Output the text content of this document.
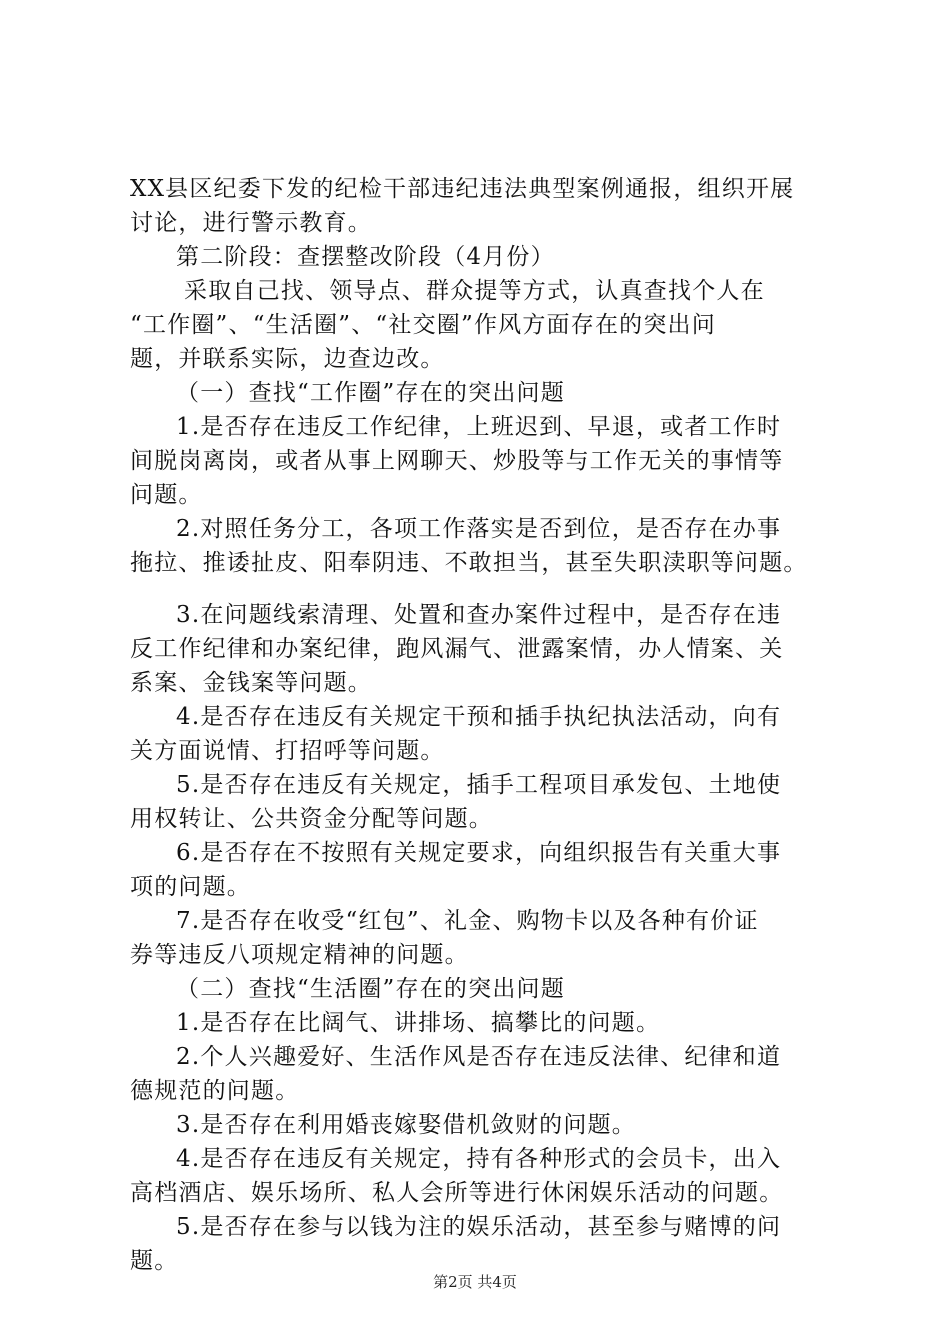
XX县区纪委下发的纪检干部违纪违法典型案例通报，组织开展
讨论，进行警示教育。
第二阶段：查摆整改阶段（4月份）
采取自己找、领导点、群众提等方式，认真查找个人在
“工作圈”、“生活圈”、“社交圈”作风方面存在的突出问
题，并联系实际，边查边改。
（一）查找“工作圈”存在的突出问题
1.是否存在违反工作纪律，上班迟到、早退，或者工作时
间脱岗离岗，或者从事上网聊天、炒股等与工作无关的事情等
问题。
2.对照任务分工，各项工作落实是否到位，是否存在办事
拖拉、推诿扯皮、阳奉阴违、不敢担当，甚至失职渎职等问题。
3.在问题线索清理、处置和查办案件过程中，是否存在违
反工作纪律和办案纪律，跑风漏气、泄露案情，办人情案、关
系案、金钱案等问题。
4.是否存在违反有关规定干预和插手执纪执法活动，向有
关方面说情、打招呼等问题。
5.是否存在违反有关规定，插手工程项目承发包、土地使
用权转让、公共资金分配等问题。
6.是否存在不按照有关规定要求，向组织报告有关重大事
项的问题。
7.是否存在收受“红包”、礼金、购物卡以及各种有价证
券等违反八项规定精神的问题。
（二）查找“生活圈”存在的突出问题
1.是否存在比阔气、讲排场、搞攀比的问题。
2.个人兴趣爱好、生活作风是否存在违反法律、纪律和道
德规范的问题。
3.是否存在利用婚丧嫁娶借机敛财的问题。
4.是否存在违反有关规定，持有各种形式的会员卡，出入
高档酒店、娱乐场所、私人会所等进行休闲娱乐活动的问题。
5.是否存在参与以钱为注的娱乐活动，甚至参与赌博的问
题。
第2页 共4页
